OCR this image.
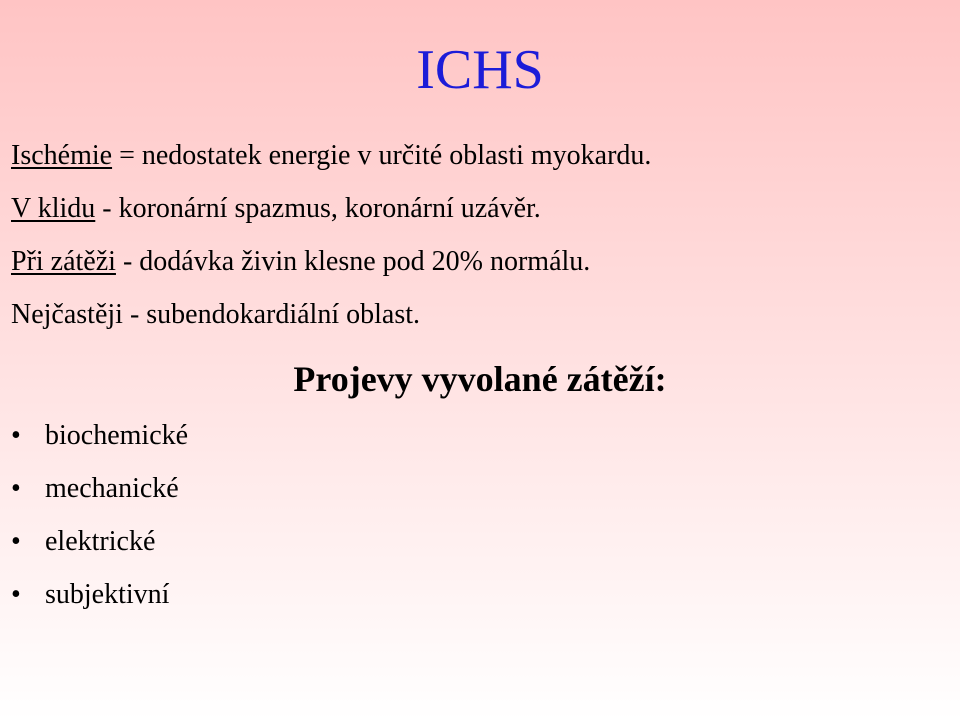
ICHS
Ischémie = nedostatek energie v určité oblasti myokardu.
V klidu - koronární spazmus, koronární uzávěr.
Při zátěži - dodávka živin klesne pod 20% normálu.
Nejčastěji - subendokardiální oblast.
Projevy vyvolané zátěží:
• biochemické
• mechanické
• elektrické
• subjektivní
